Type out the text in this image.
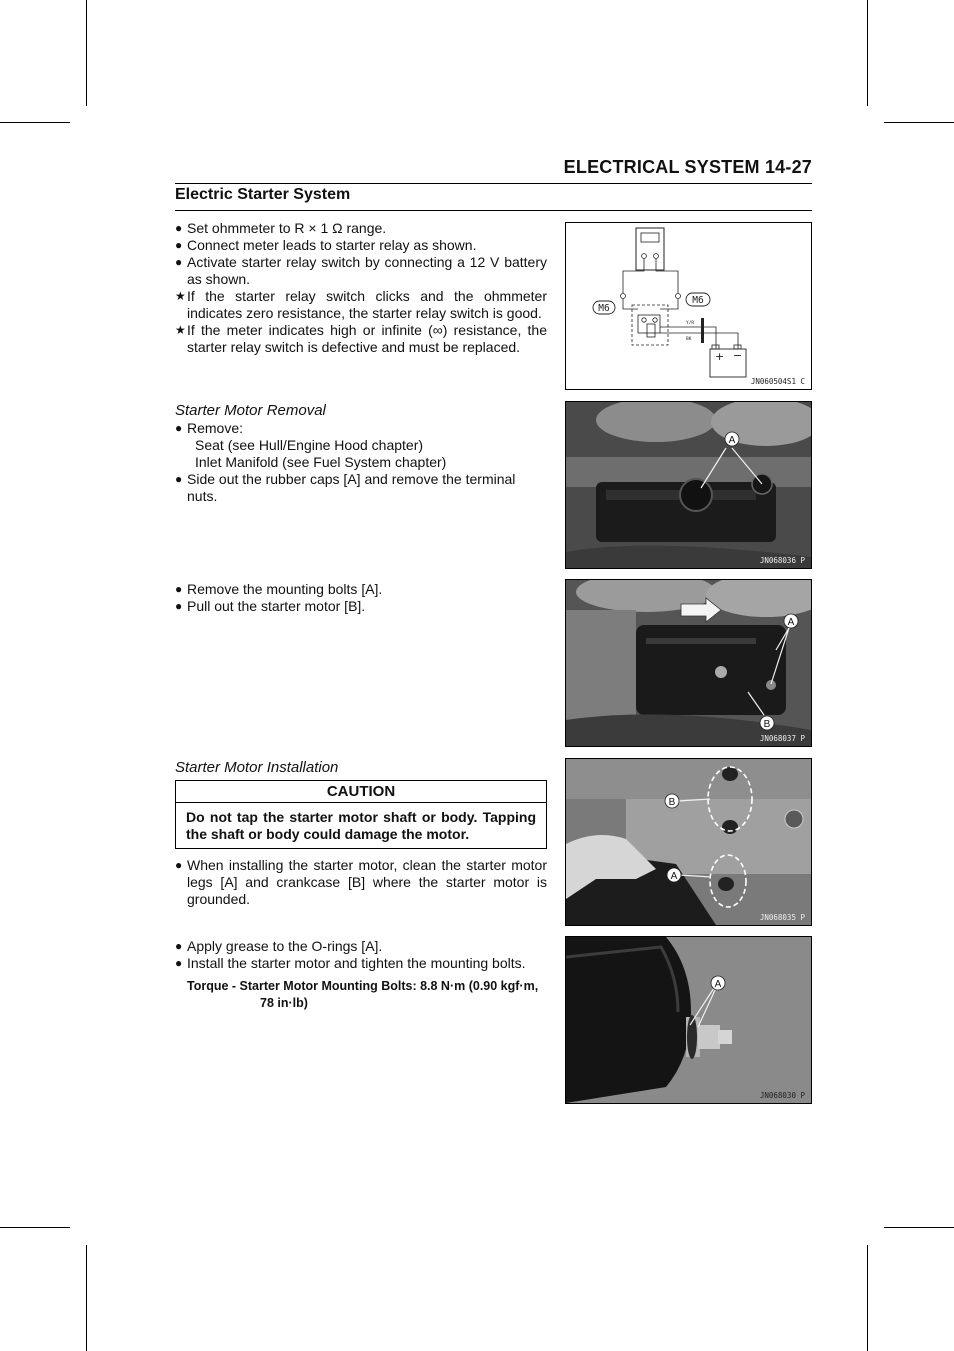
ELECTRICAL SYSTEM 14-27
Electric Starter System

● Set ohmmeter to R × 1 Ω range.

● Connect meter leads to starter relay as shown.

● Activate starter relay switch by connecting a 12 V battery as shown.

★ If the starter relay switch clicks and the ohmmeter indicates zero resistance, the starter relay switch is good.

★ If the meter indicates high or infinite (∞) resistance, the starter relay switch is defective and must be replaced.

Starter Motor Removal

● Remove:

Seat (see Hull/Engine Hood chapter)

Inlet Manifold (see Fuel System chapter)

● Side out the rubber caps [A] and remove the terminal nuts.

● Remove the mounting bolts [A].

● Pull out the starter motor [B].

Starter Motor Installation

CAUTION
Do not tap the starter motor shaft or body. Tapping the shaft or body could damage the motor.

● When installing the starter motor, clean the starter motor legs [A] and crankcase [B] where the starter motor is grounded.

● Apply grease to the O-rings [A].

● Install the starter motor and tighten the mounting bolts.

Torque - Starter Motor Mounting Bolts: 8.8 N·m (0.90 kgf·m,
78 in·lb)
Y/R
BK
+ −
M6
M6
JN060504S1 C
A
JN068036 P
A
B
JN068037 P
B
A
JN068035 P
A
JN068030 P
